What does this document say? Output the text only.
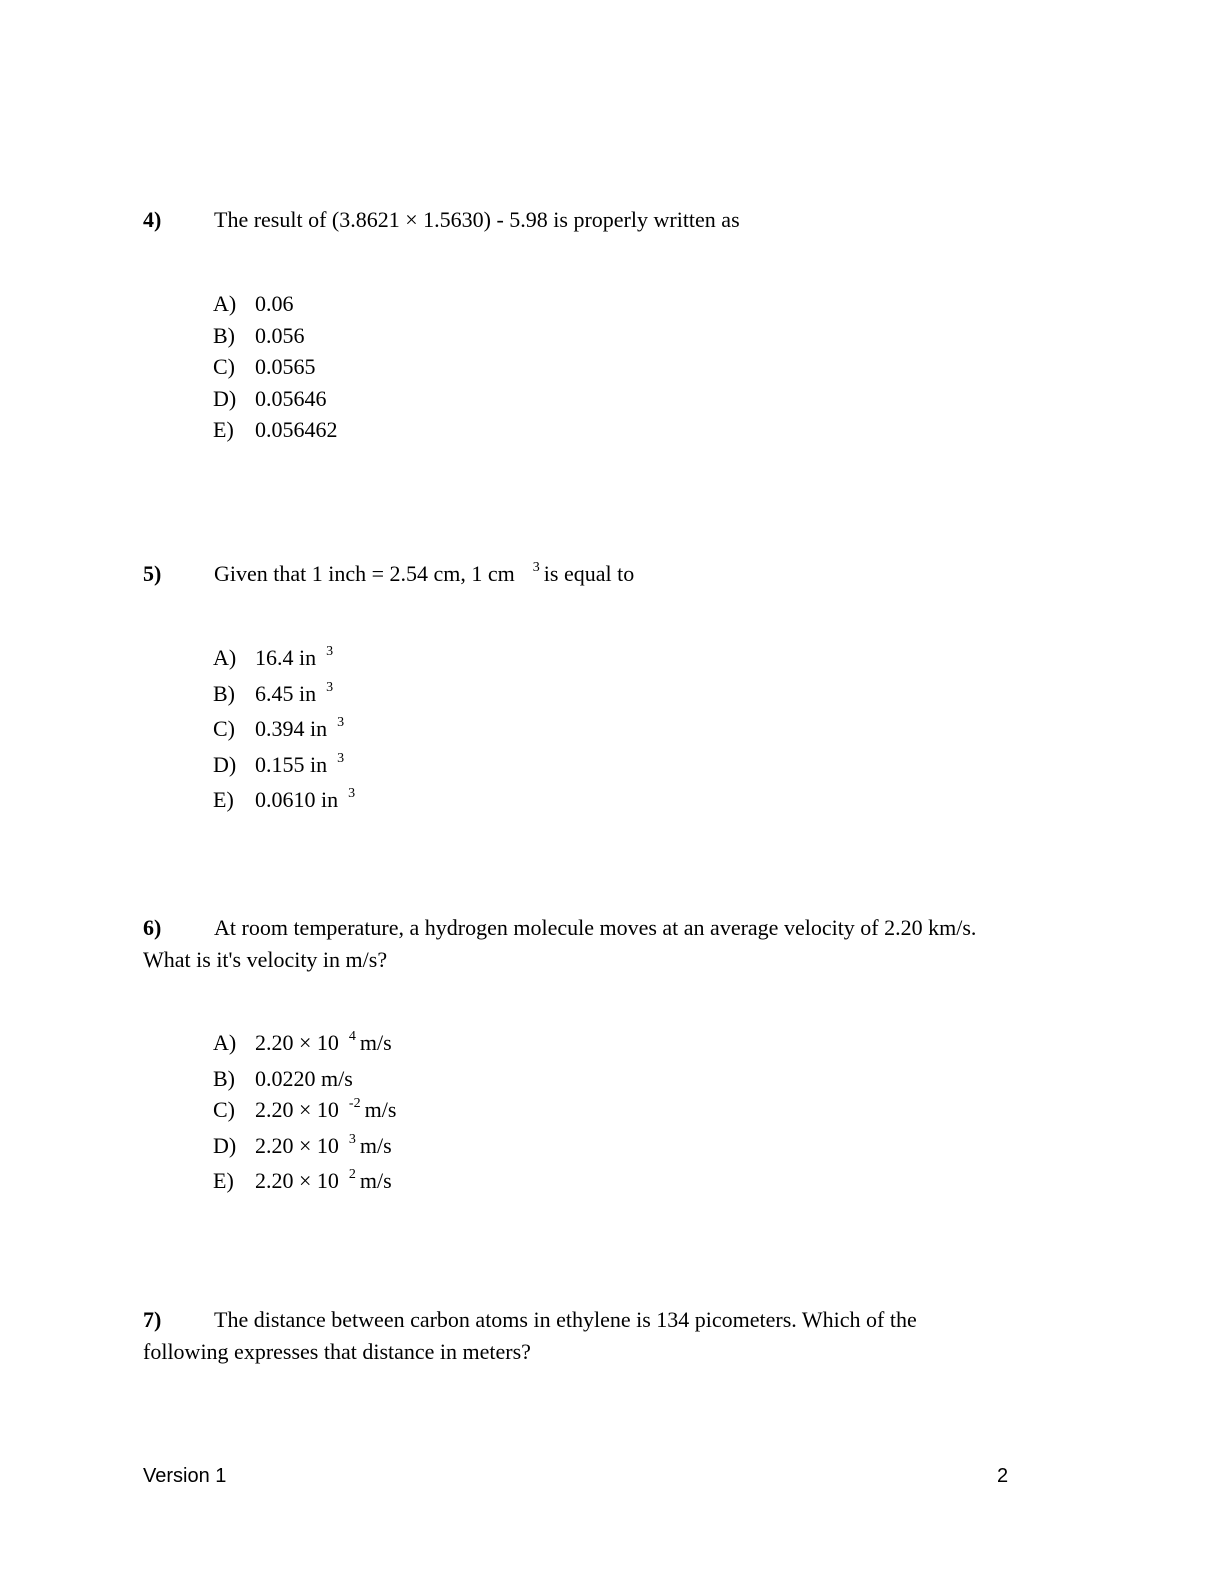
4) The result of (3.8621 × 1.5630) - 5.98 is properly written as
A) 0.06
B) 0.056
C) 0.0565
D) 0.05646
E) 0.056462
5) Given that 1 inch = 2.54 cm, 1 cm $^3$ is equal to
A) 16.4 in $^3$
B) 6.45 in $^3$
C) 0.394 in $^3$
D) 0.155 in $^3$
E) 0.0610 in $^3$
6) At room temperature, a hydrogen molecule moves at an average velocity of 2.20 km/s.
What is it's velocity in m/s?
A) 2.20 × 10 $^4$ m/s
B) 0.0220 m/s
C) 2.20 × 10 $^{-2}$ m/s
D) 2.20 × 10 $^3$ m/s
E) 2.20 × 10 $^2$ m/s
7) The distance between carbon atoms in ethylene is 134 picometers. Which of the
following expresses that distance in meters?
Version 1	2
